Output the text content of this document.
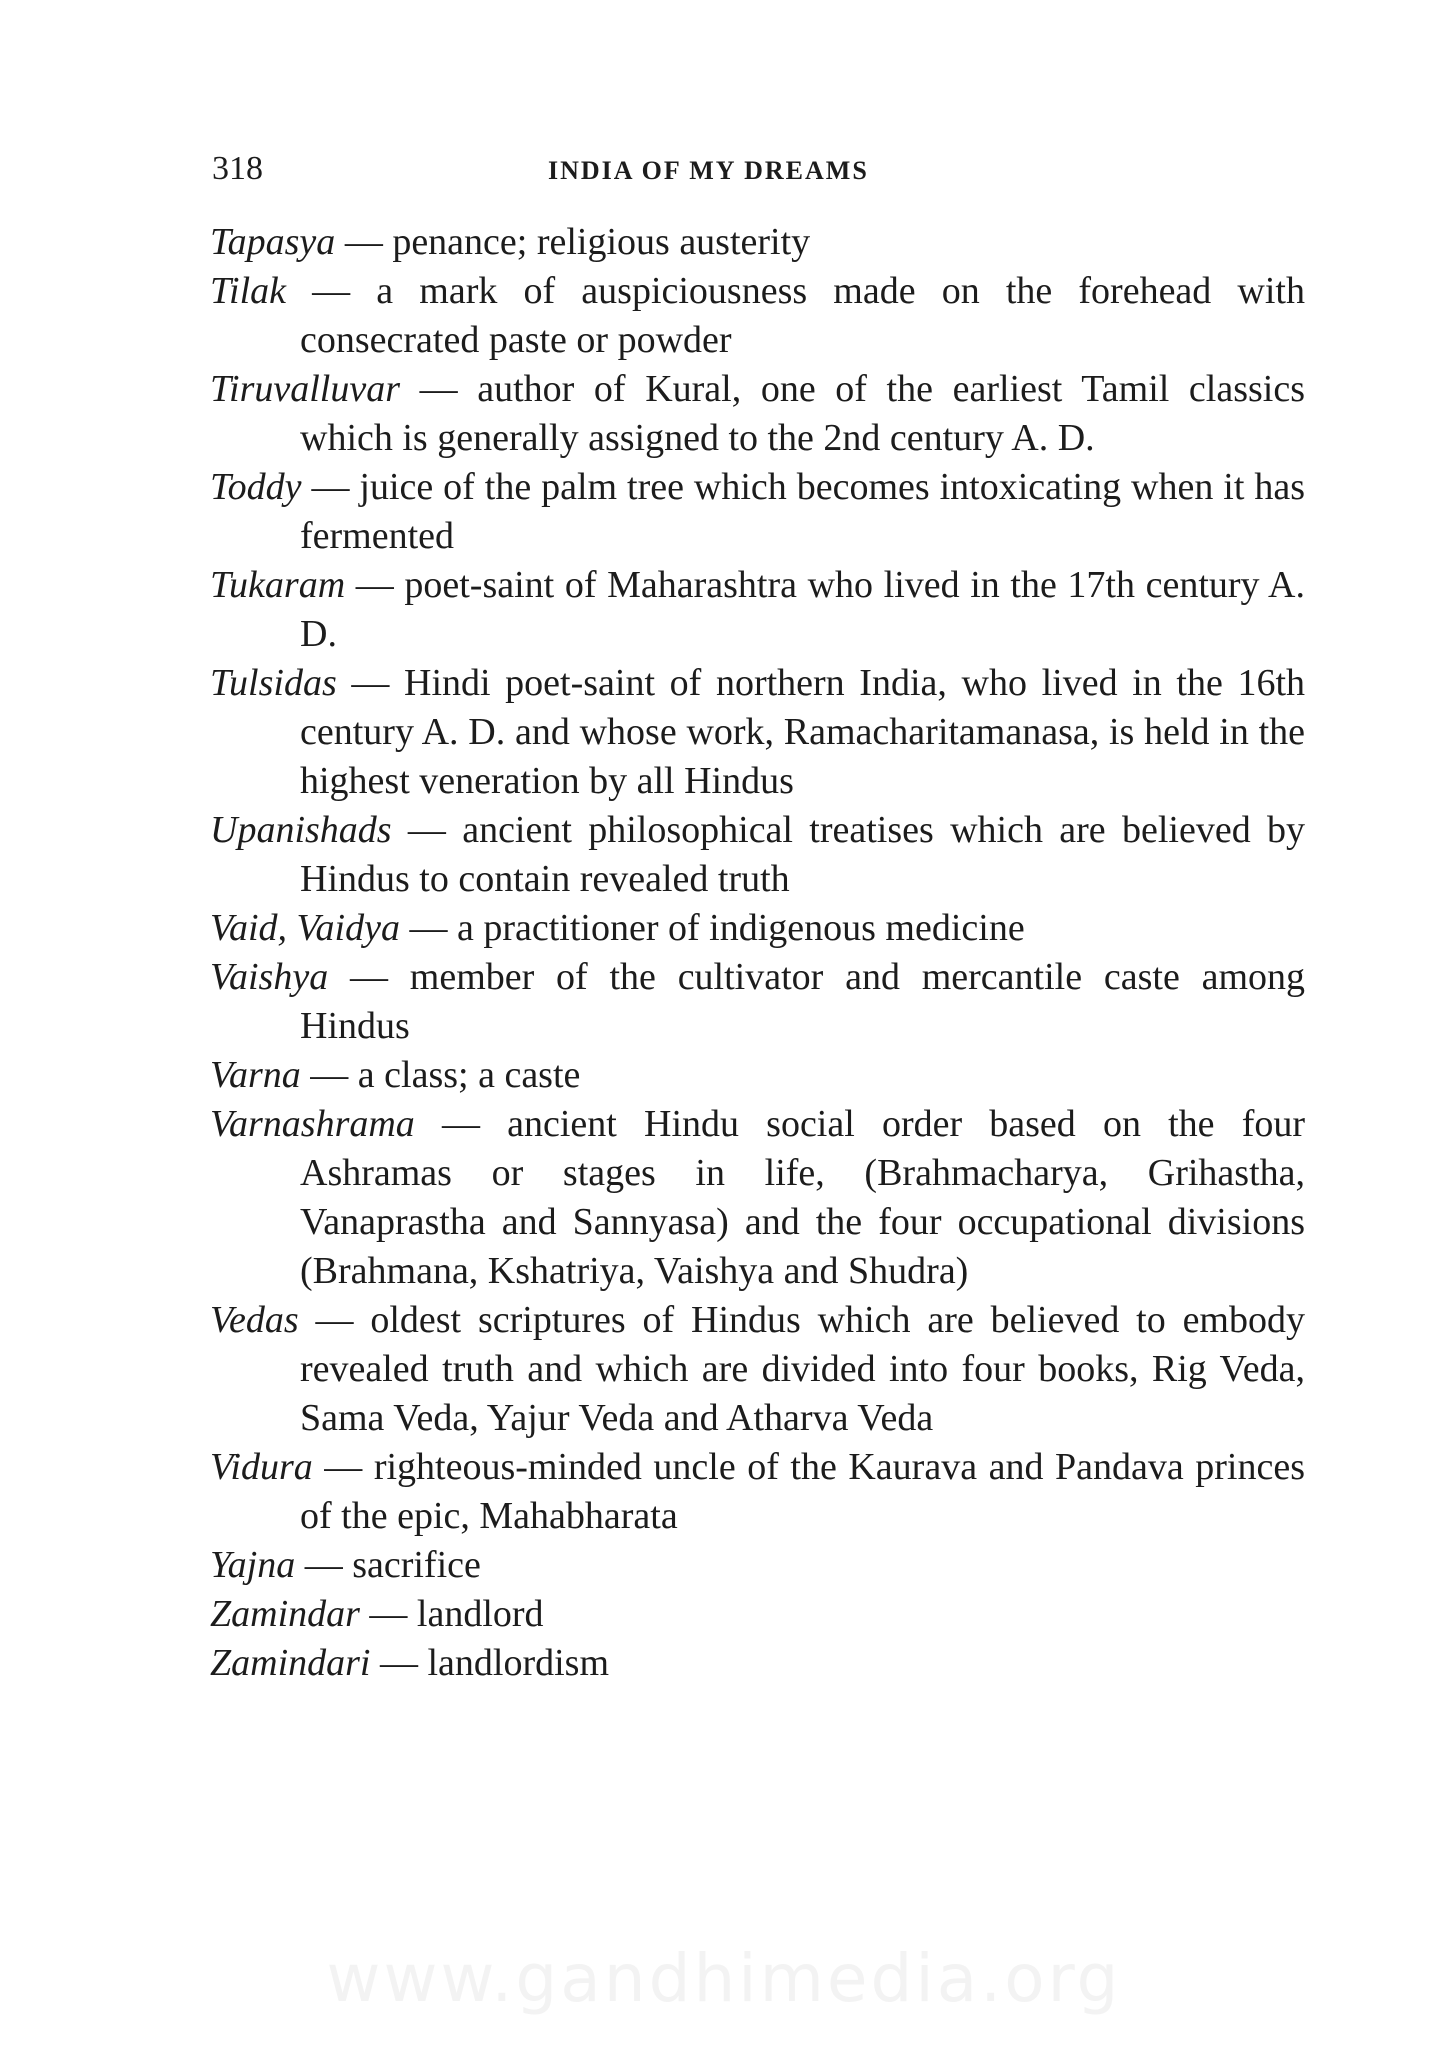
318	INDIA OF MY DREAMS

Tapasya — penance; religious austerity

Tilak — a mark of auspiciousness made on the forehead with consecrated paste or powder

Tiruvalluvar — author of Kural, one of the earliest Tamil classics which is generally assigned to the 2nd century A. D.

Toddy — juice of the palm tree which becomes intoxicating when it has fermented

Tukaram — poet-saint of Maharashtra who lived in the 17th century A. D.

Tulsidas — Hindi poet-saint of northern India, who lived in the 16th century A. D. and whose work, Ramacharitamanasa, is held in the highest veneration by all Hindus

Upanishads — ancient philosophical treatises which are believed by Hindus to contain revealed truth

Vaid, Vaidya — a practitioner of indigenous medicine

Vaishya — member of the cultivator and mercantile caste among Hindus

Varna — a class; a caste

Varnashrama — ancient Hindu social order based on the four Ashramas or stages in life, (Brahmacharya, Grihastha, Vanaprastha and Sannyasa) and the four occupational divisions (Brahmana, Kshatriya, Vaishya and Shudra)

Vedas — oldest scriptures of Hindus which are believed to embody revealed truth and which are divided into four books, Rig Veda, Sama Veda, Yajur Veda and Atharva Veda

Vidura — righteous-minded uncle of the Kaurava and Pandava princes of the epic, Mahabharata

Yajna — sacrifice

Zamindar — landlord

Zamindari — landlordism

www.gandhimedia.org
